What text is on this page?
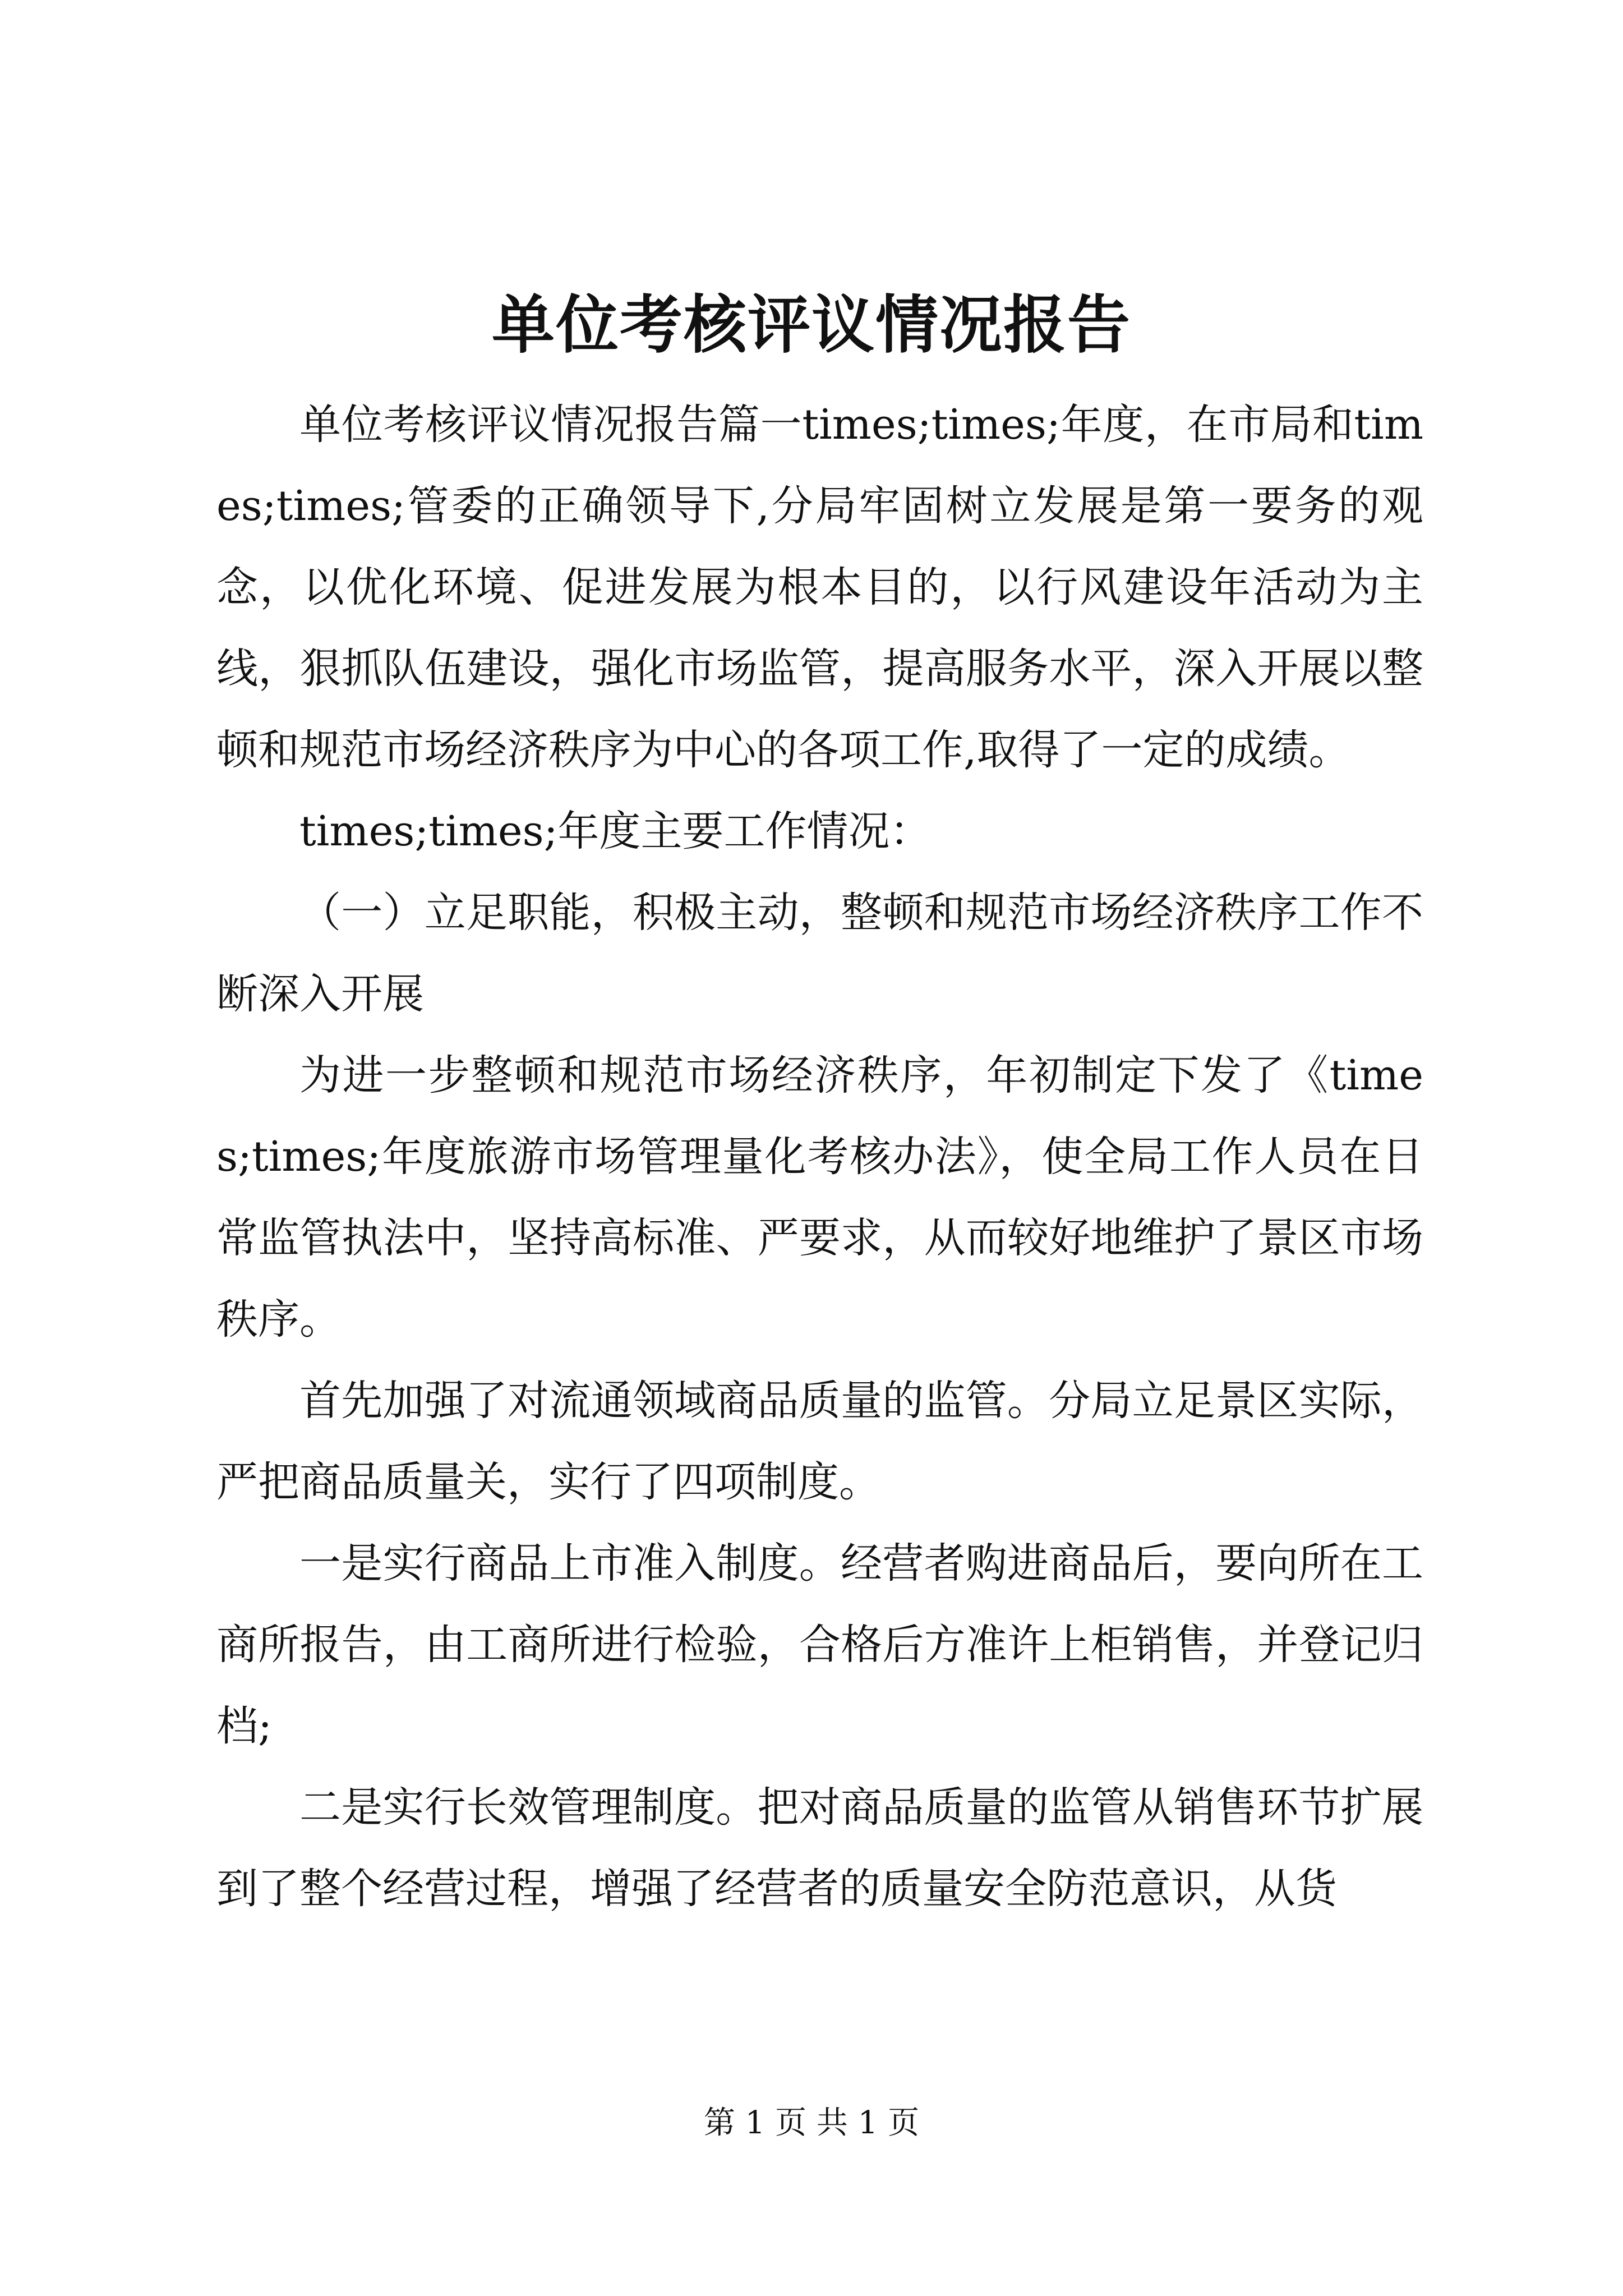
单位考核评议情况报告

单位考核评议情况报告篇一times;times;年度，在市局和times;times;管委的正确领导下,分局牢固树立发展是第一要务的观念，以优化环境、促进发展为根本目的，以行风建设年活动为主线，狠抓队伍建设，强化市场监管，提高服务水平，深入开展以整顿和规范市场经济秩序为中心的各项工作,取得了一定的成绩。

times;times;年度主要工作情况：

（一）立足职能，积极主动，整顿和规范市场经济秩序工作不断深入开展

为进一步整顿和规范市场经济秩序，年初制定下发了《times;times;年度旅游市场管理量化考核办法》，使全局工作人员在日常监管执法中，坚持高标准、严要求，从而较好地维护了景区市场秩序。

首先加强了对流通领域商品质量的监管。分局立足景区实际，严把商品质量关，实行了四项制度。

一是实行商品上市准入制度。经营者购进商品后，要向所在工商所报告，由工商所进行检验，合格后方准许上柜销售，并登记归档;

二是实行长效管理制度。把对商品质量的监管从销售环节扩展到了整个经营过程，增强了经营者的质量安全防范意识，从货

第 1 页 共 1 页
